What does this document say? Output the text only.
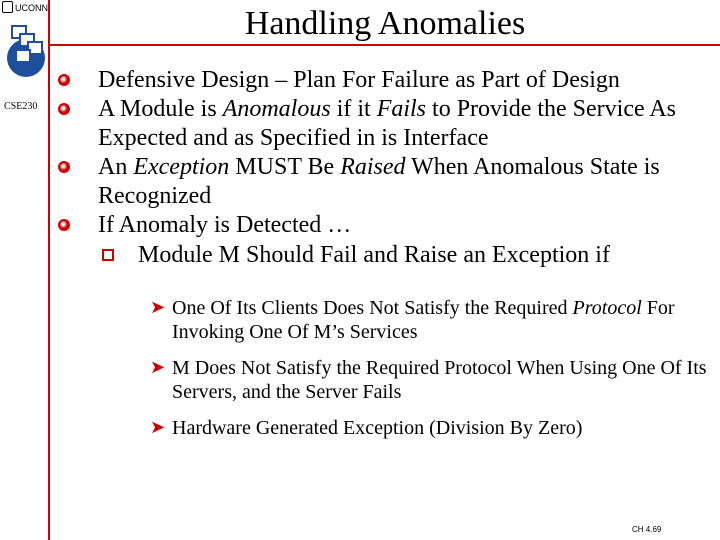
UCONN
CSE230
Handling Anomalies
Defensive Design – Plan For Failure as Part of Design
A Module is Anomalous if it Fails to Provide the Service As Expected and as Specified in is Interface
An Exception MUST Be Raised When Anomalous State is Recognized
If Anomaly is Detected …
Module M Should Fail and Raise an Exception if
➤ One Of Its Clients Does Not Satisfy the Required Protocol For Invoking One Of M’s Services
➤ M Does Not Satisfy the Required Protocol When Using One Of Its Servers, and the Server Fails
➤ Hardware Generated Exception (Division By Zero)
CH 4.69
